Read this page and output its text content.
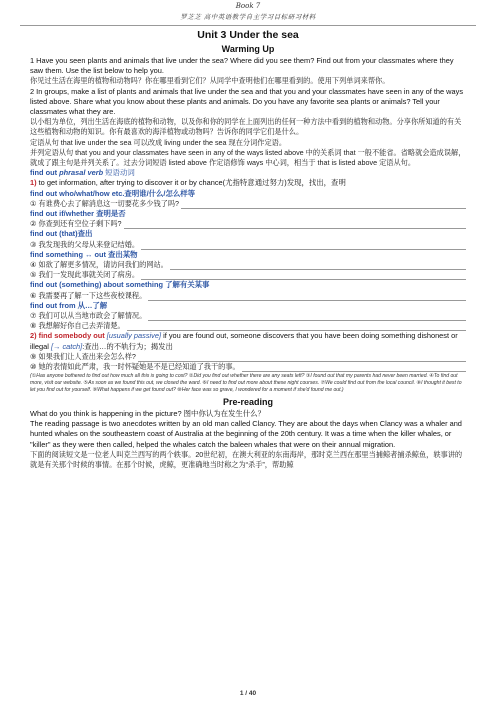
Book 7
罗芝芝 高中英语教学自主学习目标研习材料
Unit 3 Under the sea
Warming Up

1 Have you seen plants and animals that live under the sea? Where did you see them? Find out from your classmates where they saw them. Use the list below to help you.

你见过生活在海里的植物和动物吗？你在哪里看到它们？从同学中查明他们在哪里看到的。使用下列单词来帮你。

2 In groups, make a list of plants and animals that live under the sea and that you and your classmates have seen in any of the ways listed above. Share what you know about these plants and animals. Do you have any favorite sea plants or animals? Tell your classmates what they are.

以小组为单位，列出生活在海底的植物和动物，以及你和你的同学在上面列出的任何一种方法中看到的植物和动物。分享你所知道的有关这些植物和动物的知识。你有最喜欢的海洋植物或动物吗？告诉你的同学它们是什么。

定语从句 that live under the sea 可以改成 living under the sea 现在分词作定语。

并列定语从句 that you and your classmates have seen in any of the ways listed above 中的关系词 that 一般不能省。省略就会造成误解，就成了跟主句是并列关系了。过去分词短语 listed above 作定语修饰 ways 中心词，相当于 that is listed above 定语从句。

find out phrasal verb 短语动词

1) to get information, after trying to discover it or by chance(尤指特意通过努力)发现，找出，查明

find out who/what/how etc.查明谁/什么/怎么样等

① 有谁费心去了解消息这一切要花多少钱了吗?

find out if/whether 查明是否

② 你查到还有空位子剩下吗?

find out (that)查出

③ 我发现我的父母从来登记结婚。

find something ↔ out 查出某物

④ 如欲了解更多情况，请访问我们的网站。
⑤ 我们一发现此事就关闭了病房。

find out (something) about something 了解有关某事

⑥ 我需要再了解一下这些夜校课程。

find out from 从…了解

⑦ 我们可以从当地市政会了解情况。
⑧ 我想解好你自己去弄清楚。

2) find somebody out [usually passive] if you are found out, someone discovers that you have been doing something dishonest or illegal [→ catch]:查出…的不轨行为；揭发出

⑨ 如果我们让人查出来会怎么样?
⑩ 她的表情如此严肃，我一时怀疑她是不是已经知道了我干的事。

(①Has anyone bothered to find out how much all this is going to cost? ②Did you find out whether there are any seats left? ③I found out that my parents had never been married. ④To find out more, visit our website. ⑤As soon as we found this out, we closed the ward. ⑥I need to find out more about these night courses. ⑦We could find out from the local council. ⑧I thought it best to let you find out for yourself. ⑨What happens if we get found out? ⑩Her face was so grave, I wondered for a moment if she'd found me out.)

Pre-reading

What do you think is happening in the picture? 图中你认为在发生什么？

The reading passage is two anecdotes written by an old man called Clancy. They are about the days when Clancy was a whaler and hunted whales on the southeastern coast of Australia at the beginning of the 20th century. It was a time when the killer whales, or "killer" as they were then called, helped the whales catch the baleen whales that were on their annual migration.

下面的阅读短文是一位老人叫克兰西写的两个轶事。20世纪初，在澳大利亚的东南海岸，那时克兰西在那里当捕鲸者捕杀鲸鱼，轶事讲的就是有关那个时候的事情。在那个时候，虎鲸，更准确地当时称之为“杀手”，帮助鲸

1 / 40
